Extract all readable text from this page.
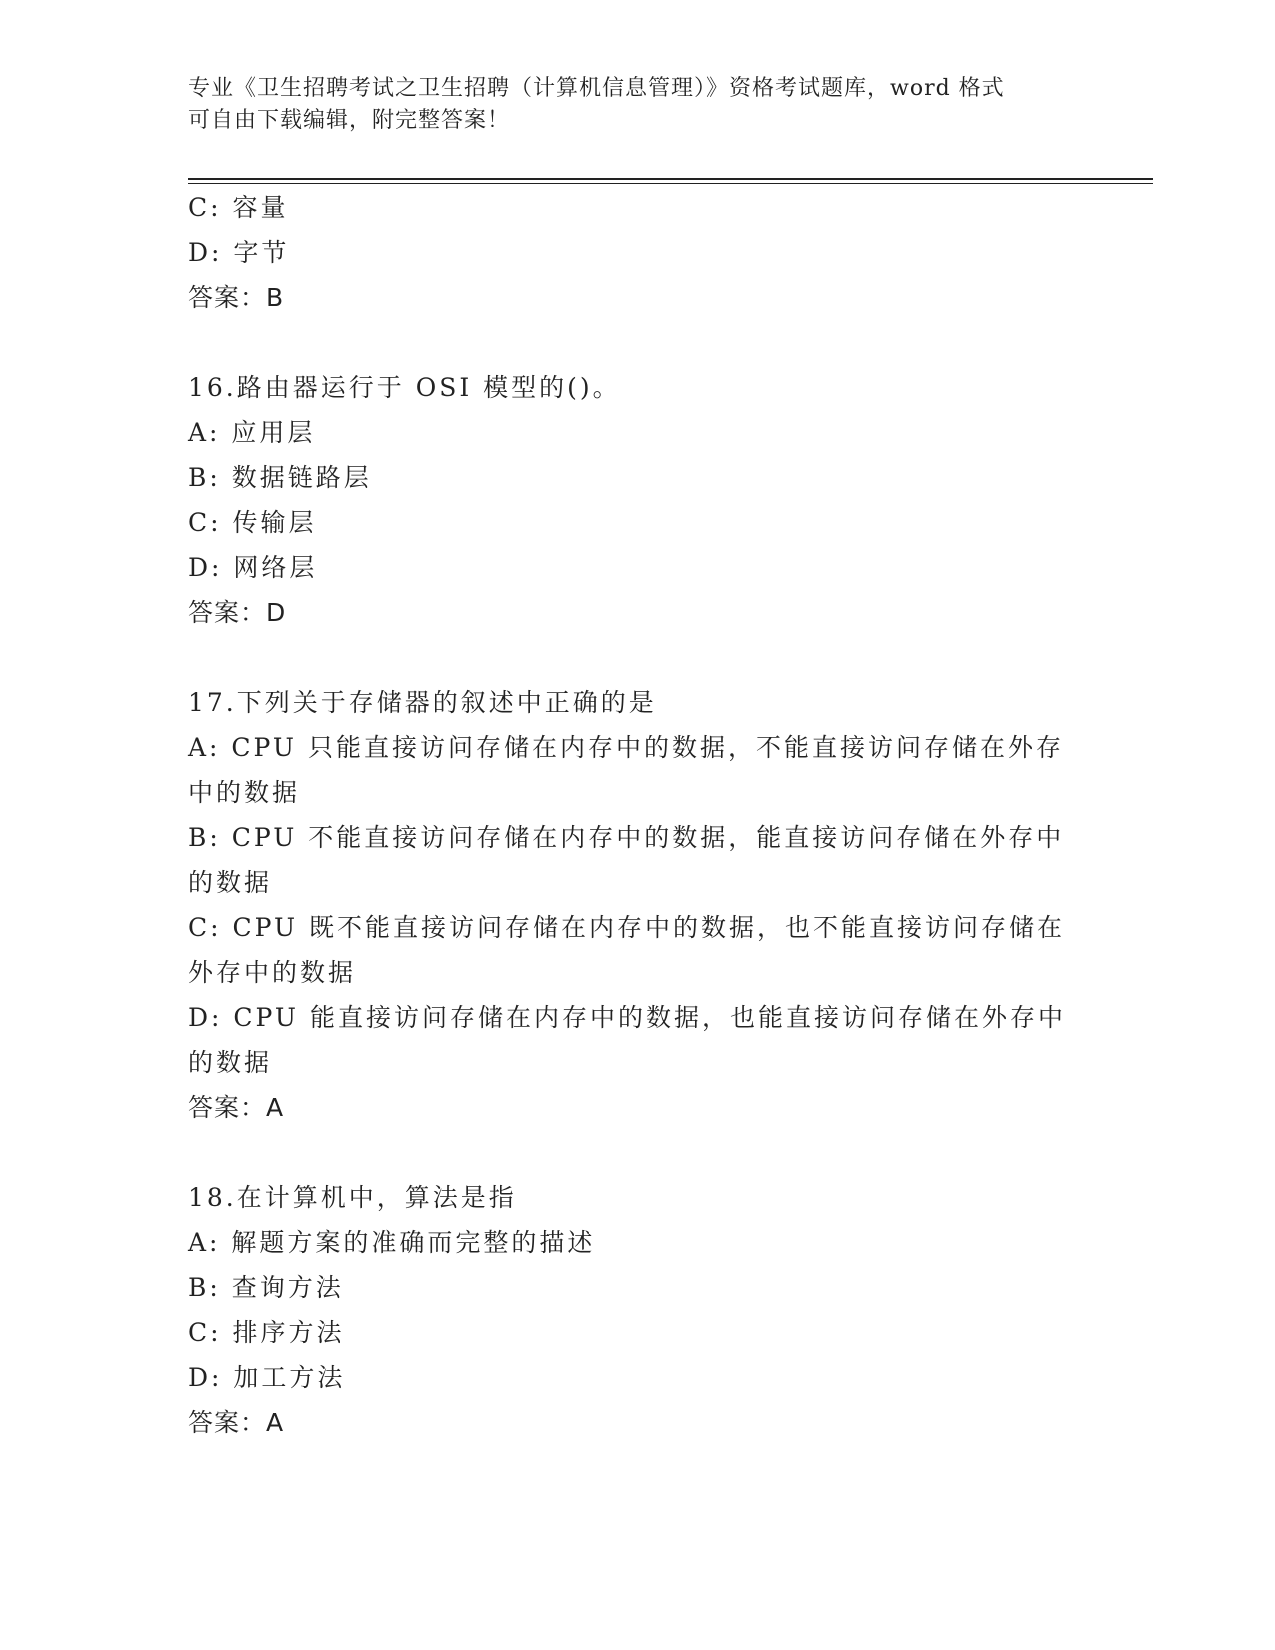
专业《卫生招聘考试之卫生招聘（计算机信息管理）》资格考试题库，word 格式
可自由下载编辑，附完整答案！
C: 容量
D: 字节
答案：B
16.路由器运行于 OSI 模型的()。
A: 应用层
B: 数据链路层
C: 传输层
D: 网络层
答案：D
17.下列关于存储器的叙述中正确的是
A: CPU 只能直接访问存储在内存中的数据，不能直接访问存储在外存
中的数据
B: CPU 不能直接访问存储在内存中的数据，能直接访问存储在外存中
的数据
C: CPU 既不能直接访问存储在内存中的数据，也不能直接访问存储在
外存中的数据
D: CPU 能直接访问存储在内存中的数据，也能直接访问存储在外存中
的数据
答案：A
18.在计算机中，算法是指
A: 解题方案的准确而完整的描述
B: 查询方法
C: 排序方法
D: 加工方法
答案：A
